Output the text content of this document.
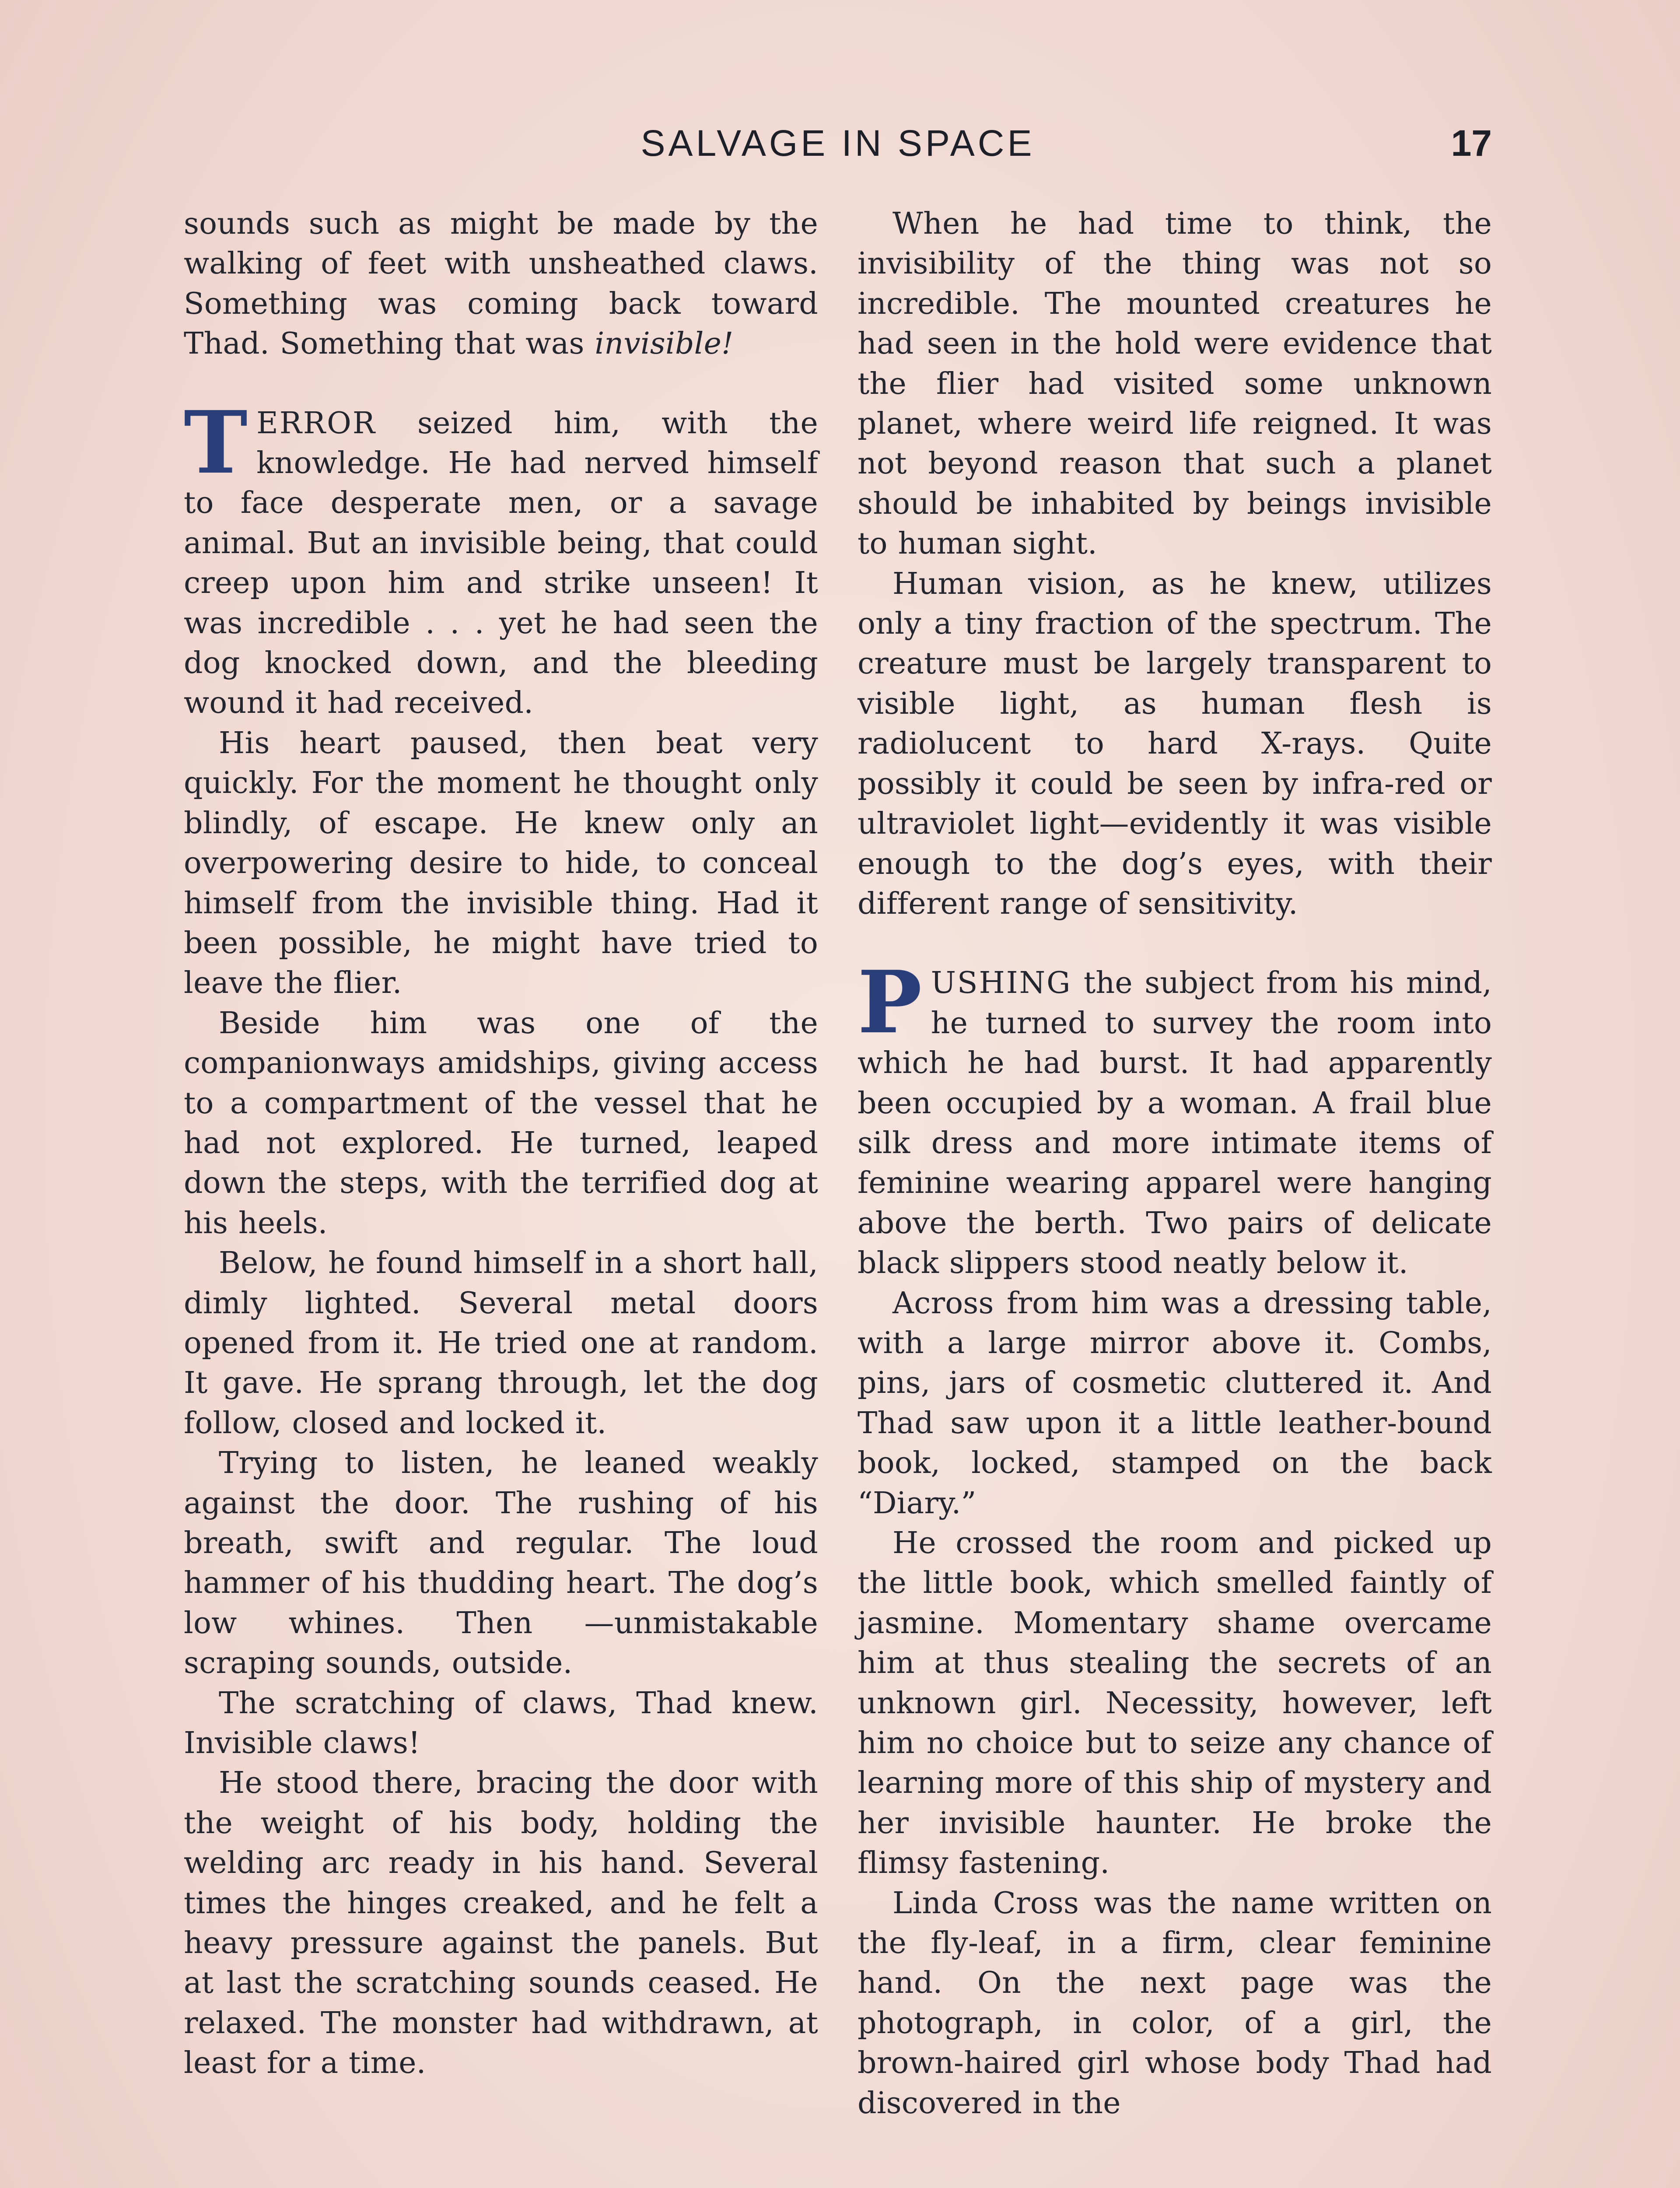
SALVAGE IN SPACE	17

sounds such as might be made by the walking of feet with unsheathed claws. Something was coming back toward Thad. Something that was invisible!

TERROR seized him, with the knowledge. He had nerved himself to face desperate men, or a savage animal. But an invisible being, that could creep upon him and strike unseen! It was incredible . . . yet he had seen the dog knocked down, and the bleeding wound it had received.

His heart paused, then beat very quickly. For the moment he thought only blindly, of escape. He knew only an overpowering desire to hide, to conceal himself from the invisible thing. Had it been possible, he might have tried to leave the flier.

Beside him was one of the companionways amidships, giving access to a compartment of the vessel that he had not explored. He turned, leaped down the steps, with the terrified dog at his heels.

Below, he found himself in a short hall, dimly lighted. Several metal doors opened from it. He tried one at random. It gave. He sprang through, let the dog follow, closed and locked it.

Trying to listen, he leaned weakly against the door. The rushing of his breath, swift and regular. The loud hammer of his thudding heart. The dog’s low whines. Then —unmistakable scraping sounds, outside.

The scratching of claws, Thad knew. Invisible claws!

He stood there, bracing the door with the weight of his body, holding the welding arc ready in his hand. Several times the hinges creaked, and he felt a heavy pressure against the panels. But at last the scratching sounds ceased. He relaxed. The monster had withdrawn, at least for a time.

When he had time to think, the invisibility of the thing was not so incredible. The mounted creatures he had seen in the hold were evidence that the flier had visited some unknown planet, where weird life reigned. It was not beyond reason that such a planet should be inhabited by beings invisible to human sight.

Human vision, as he knew, utilizes only a tiny fraction of the spectrum. The creature must be largely transparent to visible light, as human flesh is radiolucent to hard X-rays. Quite possibly it could be seen by infra-red or ultraviolet light—evidently it was visible enough to the dog’s eyes, with their different range of sensitivity.

PUSHING the subject from his mind, he turned to survey the room into which he had burst. It had apparently been occupied by a woman. A frail blue silk dress and more intimate items of feminine wearing apparel were hanging above the berth. Two pairs of delicate black slippers stood neatly below it.

Across from him was a dressing table, with a large mirror above it. Combs, pins, jars of cosmetic cluttered it. And Thad saw upon it a little leather-bound book, locked, stamped on the back “Diary.”

He crossed the room and picked up the little book, which smelled faintly of jasmine. Momentary shame overcame him at thus stealing the secrets of an unknown girl. Necessity, however, left him no choice but to seize any chance of learning more of this ship of mystery and her invisible haunter. He broke the flimsy fastening.

Linda Cross was the name written on the fly-leaf, in a firm, clear feminine hand. On the next page was the photograph, in color, of a girl, the brown-haired girl whose body Thad had discovered in the
